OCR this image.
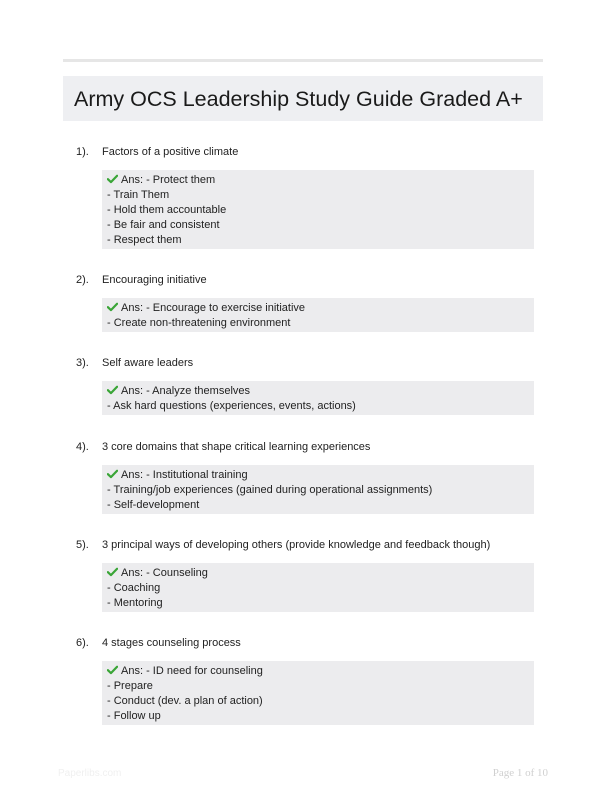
Army OCS Leadership Study Guide Graded A+
1). Factors of a positive climate
Ans: - Protect them
- Train Them
- Hold them accountable
- Be fair and consistent
- Respect them
2). Encouraging initiative
Ans: - Encourage to exercise initiative
- Create non-threatening environment
3). Self aware leaders
Ans: - Analyze themselves
- Ask hard questions (experiences, events, actions)
4). 3 core domains that shape critical learning experiences
Ans: - Institutional training
- Training/job experiences (gained during operational assignments)
- Self-development
5). 3 principal ways of developing others (provide knowledge and feedback though)
Ans: - Counseling
- Coaching
- Mentoring
6). 4 stages counseling process
Ans: - ID need for counseling
- Prepare
- Conduct (dev. a plan of action)
- Follow up
Paperlibs.com	Page 1 of 10
